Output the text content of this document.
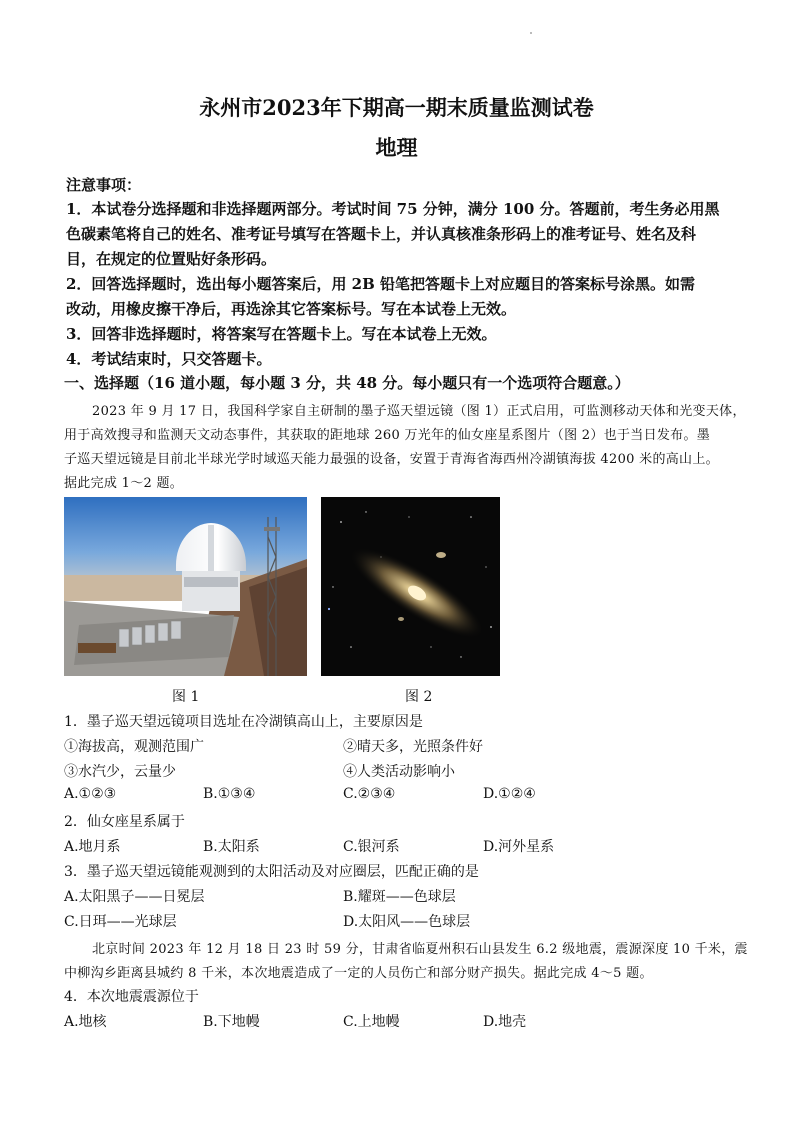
永州市2023年下期高一期末质量监测试卷
地理
注意事项：
1．本试卷分选择题和非选择题两部分。考试时间 75 分钟，满分 100 分。答题前，考生务必用黑
色碳素笔将自己的姓名、准考证号填写在答题卡上，并认真核准条形码上的准考证号、姓名及科
目，在规定的位置贴好条形码。
2．回答选择题时，选出每小题答案后，用 2B 铅笔把答题卡上对应题目的答案标号涂黑。如需
改动，用橡皮擦干净后，再选涂其它答案标号。写在本试卷上无效。
3．回答非选择题时，将答案写在答题卡上。写在本试卷上无效。
4．考试结束时，只交答题卡。
一、选择题（16 道小题，每小题 3 分，共 48 分。每小题只有一个选项符合题意。）
2023 年 9 月 17 日，我国科学家自主研制的墨子巡天望远镜（图 1）正式启用，可监测移动天体和光变天体，
用于高效搜寻和监测天文动态事件，其获取的距地球 260 万光年的仙女座星系图片（图 2）也于当日发布。墨
子巡天望远镜是目前北半球光学时域巡天能力最强的设备，安置于青海省海西州冷湖镇海拔 4200 米的高山上。
据此完成 1～2 题。
图 1	图 2
1．墨子巡天望远镜项目选址在冷湖镇高山上，主要原因是
①海拔高，观测范围广	②晴天多，光照条件好
③水汽少，云量少	④人类活动影响小
A.①②③	B.①③④	C.②③④	D.①②④
2．仙女座星系属于
A.地月系	B.太阳系	C.银河系	D.河外星系
3．墨子巡天望远镜能观测到的太阳活动及对应圈层，匹配正确的是
A.太阳黑子——日冕层	B.耀斑——色球层
C.日珥——光球层	D.太阳风——色球层
北京时间 2023 年 12 月 18 日 23 时 59 分，甘肃省临夏州积石山县发生 6.2 级地震，震源深度 10 千米，震
中柳沟乡距离县城约 8 千米，本次地震造成了一定的人员伤亡和部分财产损失。据此完成 4～5 题。
4．本次地震震源位于
A.地核	B.下地幔	C.上地幔	D.地壳
